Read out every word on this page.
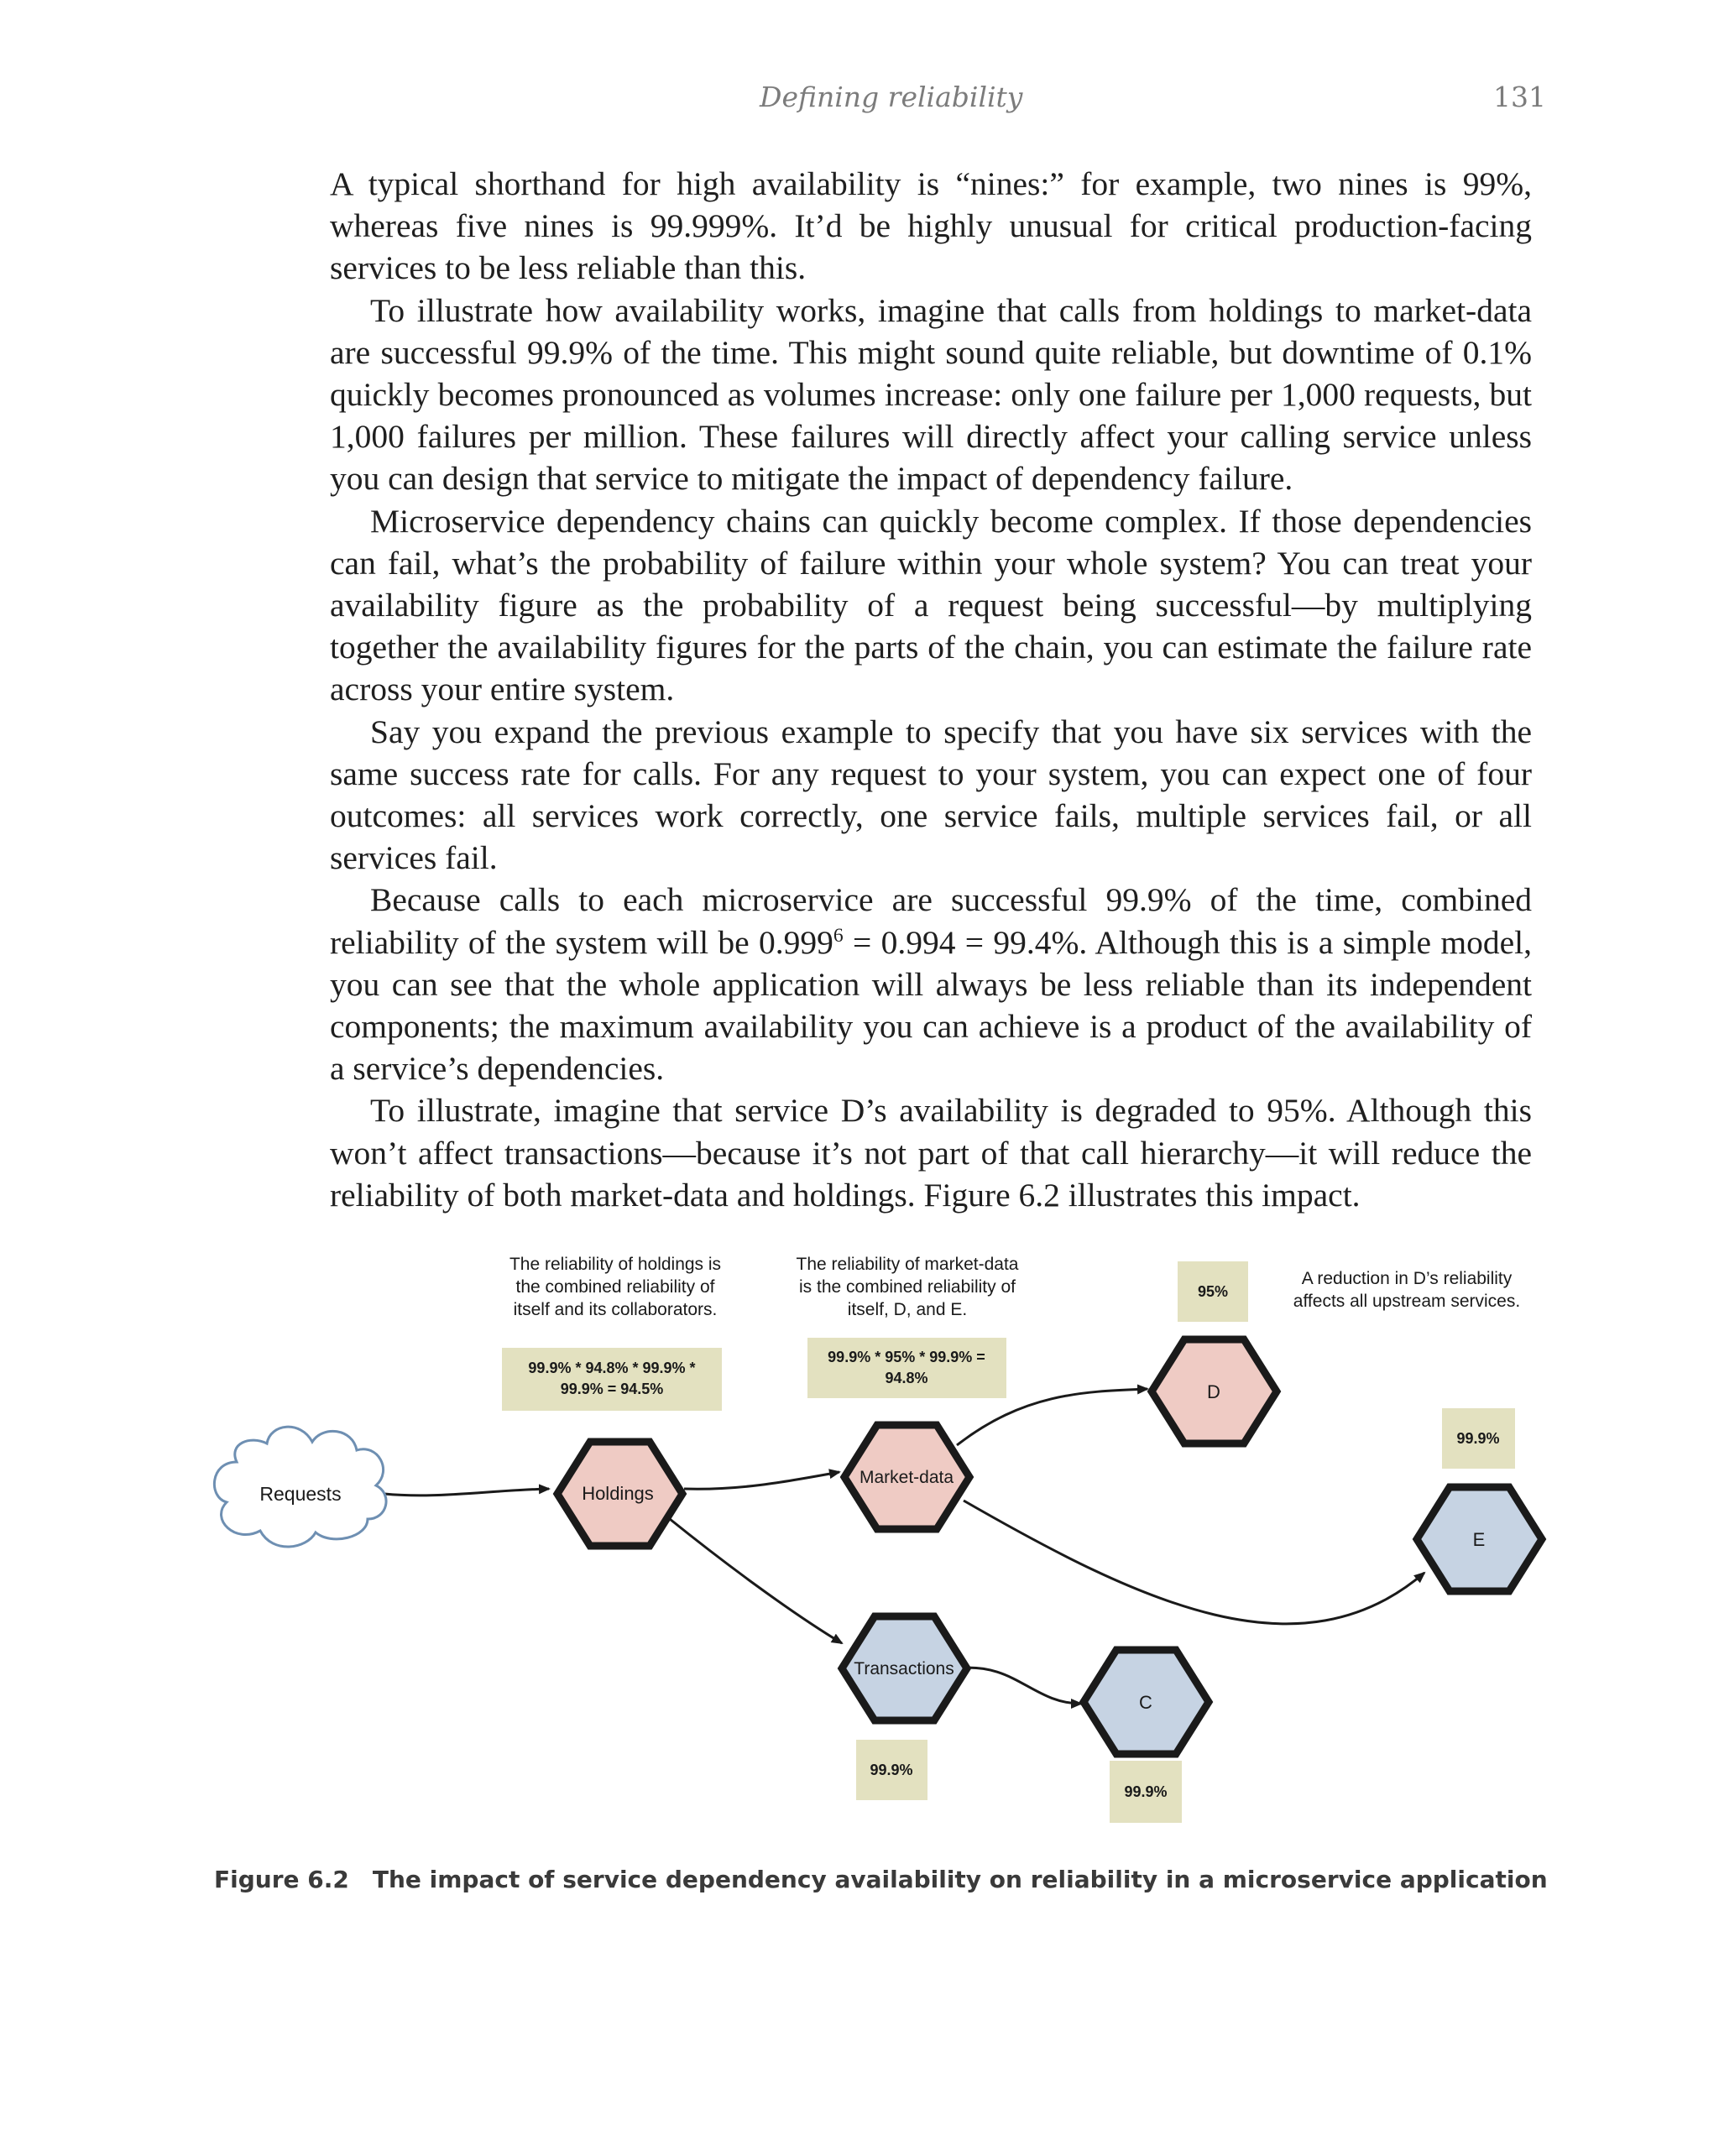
Defining reliability	131

A typical shorthand for high availability is “nines:” for example, two nines is 99%, whereas five nines is 99.999%. It’d be highly unusual for critical production-facing services to be less reliable than this.

To illustrate how availability works, imagine that calls from holdings to market-data are successful 99.9% of the time. This might sound quite reliable, but downtime of 0.1% quickly becomes pronounced as volumes increase: only one failure per 1,000 requests, but 1,000 failures per million. These failures will directly affect your calling service unless you can design that service to mitigate the impact of dependency failure.

Microservice dependency chains can quickly become complex. If those dependencies can fail, what’s the probability of failure within your whole system? You can treat your availability figure as the probability of a request being successful—by multiplying together the availability figures for the parts of the chain, you can estimate the failure rate across your entire system.

Say you expand the previous example to specify that you have six services with the same success rate for calls. For any request to your system, you can expect one of four outcomes: all services work correctly, one service fails, multiple services fail, or all services fail.

Because calls to each microservice are successful 99.9% of the time, combined reliability of the system will be $0.999^6 = 0.994 = 99.4\%$. Although this is a simple model, you can see that the whole application will always be less reliable than its independent components; the maximum availability you can achieve is a product of the availability of a service’s dependencies.

To illustrate, imagine that service D’s availability is degraded to 95%. Although this won’t affect transactions—because it’s not part of that call hierarchy—it will reduce the reliability of both market-data and holdings. Figure 6.2 illustrates this impact.

The reliability of holdings is
the combined reliability of
itself and its collaborators.
The reliability of market-data
is the combined reliability of
itself, D, and E.
A reduction in D’s reliability
affects all upstream services.
99.9% * 94.8% * 99.9% *
99.9% = 94.5%
99.9% * 95% * 99.9% =
94.8%
95%
99.9%
99.9%
99.9%
Requests	Holdings
Market-data
D
E
Transactions
C

Figure 6.2 The impact of service dependency availability on reliability in a microservice application
